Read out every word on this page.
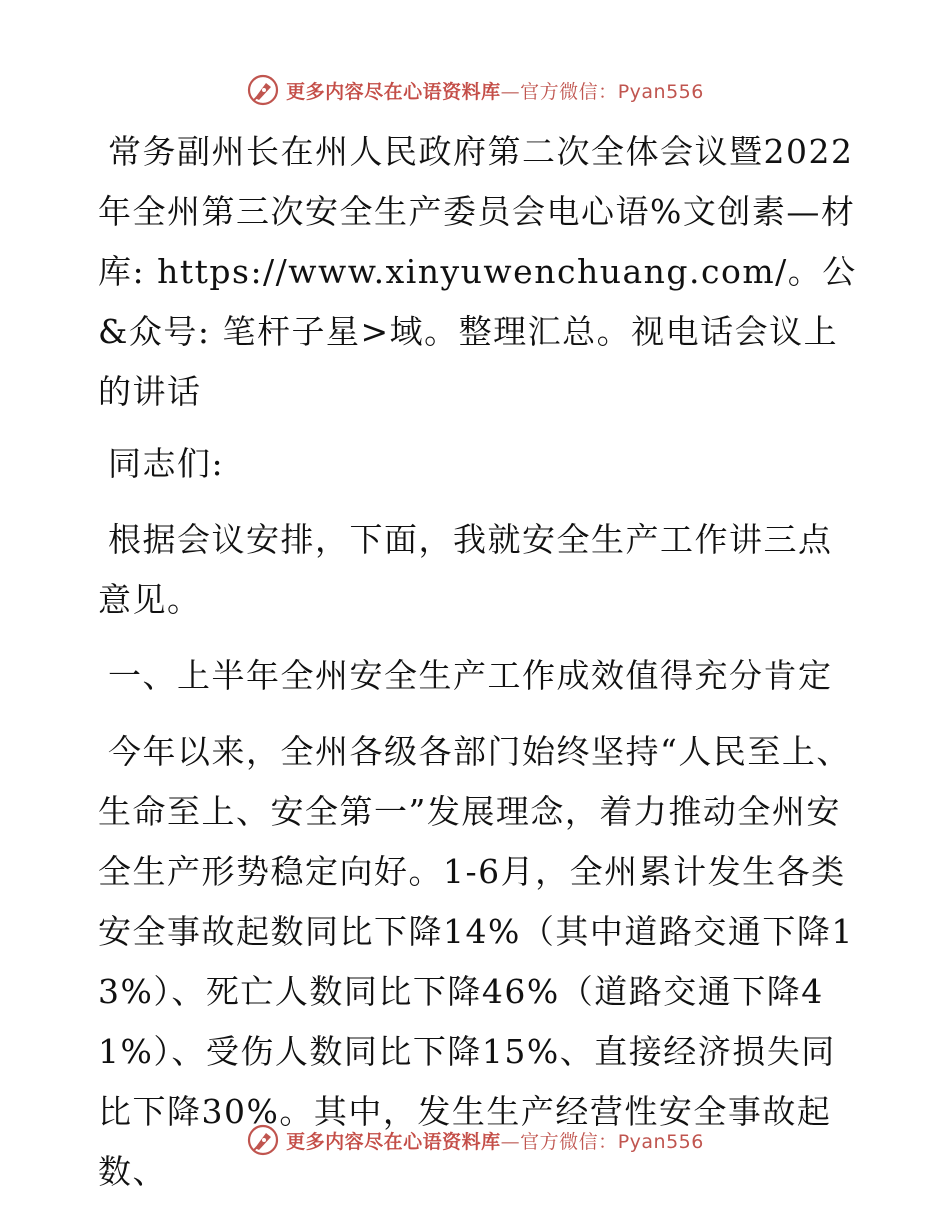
更多内容尽在心语资料库—官方微信：Pyan556

常务副州长在州人民政府第二次全体会议暨2022年全州第三次安全生产委员会电心语%文创素—材库: https://www.xinyuwenchuang.com/。公&众号: 笔杆子星>域。整理汇总。视电话会议上的讲话

同志们:

根据会议安排，下面，我就安全生产工作讲三点意见。

一、上半年全州安全生产工作成效值得充分肯定

今年以来，全州各级各部门始终坚持“人民至上、生命至上、安全第一”发展理念，着力推动全州安全生产形势稳定向好。1-6月，全州累计发生各类安全事故起数同比下降14%（其中道路交通下降13%）、死亡人数同比下降46%（道路交通下降41%）、受伤人数同比下降15%、直接经济损失同比下降30%。其中，发生生产经营性安全事故起数、

更多内容尽在心语资料库—官方微信：Pyan556
